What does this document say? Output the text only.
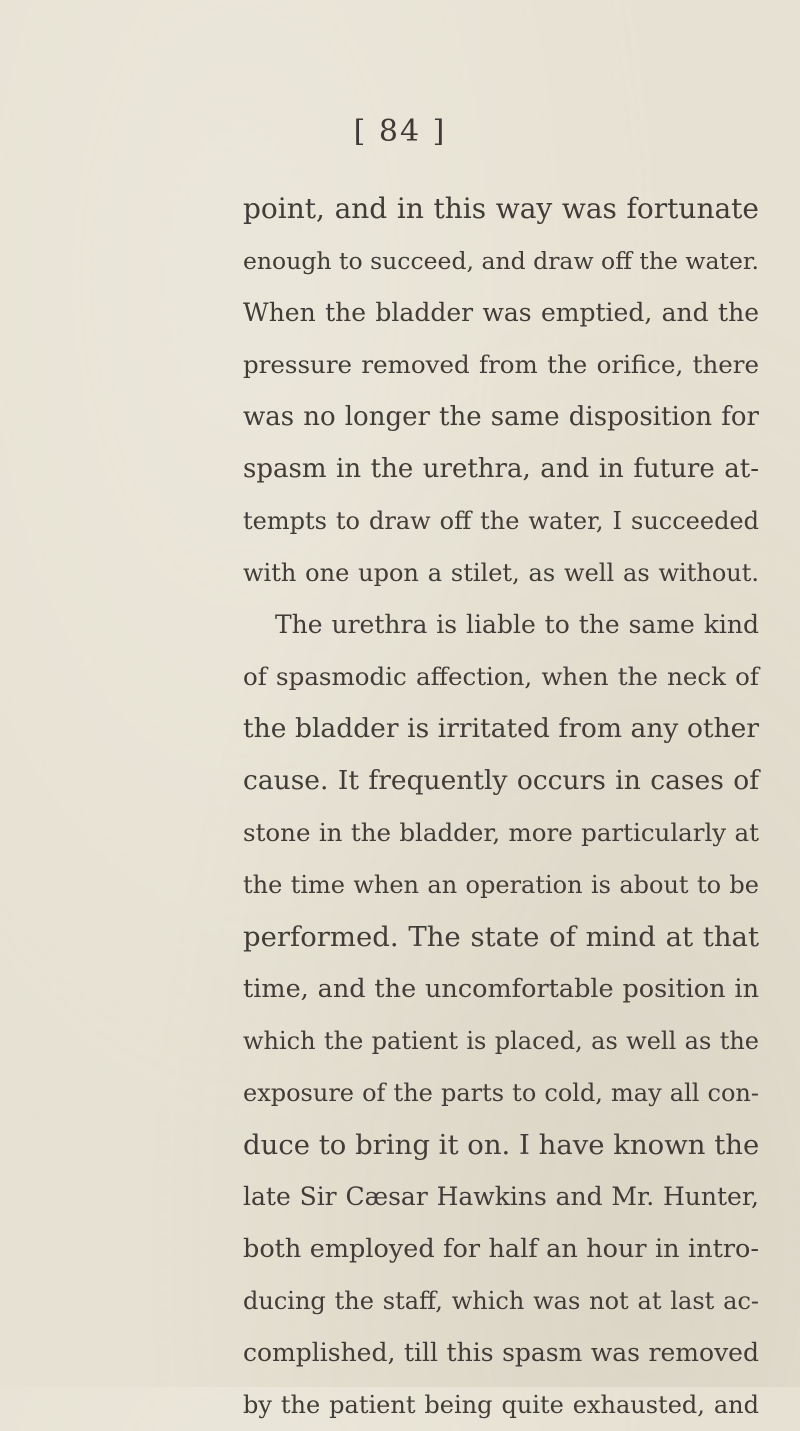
[ 84 ]
point, and in this way was fortunate
enough to succeed, and draw off the water.
When the bladder was emptied, and the
pressure removed from the orifice, there
was no longer the same disposition for
spasm in the urethra, and in future at-
tempts to draw off the water, I succeeded
with one upon a stilet, as well as without.
The urethra is liable to the same kind
of spasmodic affection, when the neck of
the bladder is irritated from any other
cause. It frequently occurs in cases of
stone in the bladder, more particularly at
the time when an operation is about to be
performed. The state of mind at that
time, and the uncomfortable position in
which the patient is placed, as well as the
exposure of the parts to cold, may all con-
duce to bring it on. I have known the
late Sir Cæsar Hawkins and Mr. Hunter,
both employed for half an hour in intro-
ducing the staff, which was not at last ac-
complished, till this spasm was removed
by the patient being quite exhausted, and
